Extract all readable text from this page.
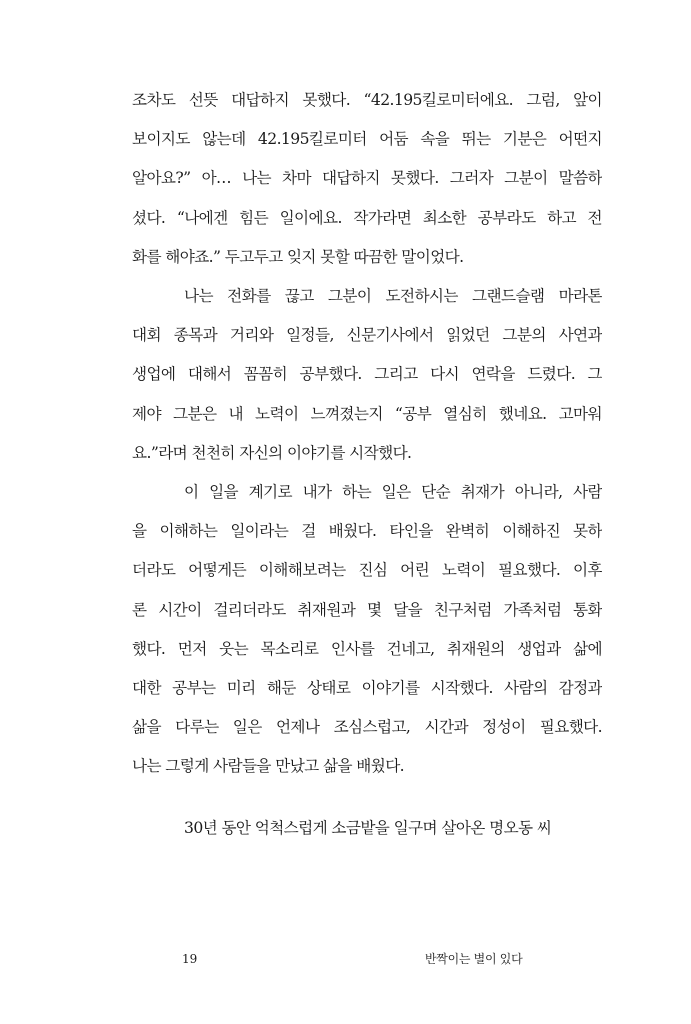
조차도 선뜻 대답하지 못했다. “42.195킬로미터에요. 그럼, 앞이
보이지도 않는데 42.195킬로미터 어둠 속을 뛰는 기분은 어떤지
알아요?” 아… 나는 차마 대답하지 못했다. 그러자 그분이 말씀하
셨다. “나에겐 힘든 일이에요. 작가라면 최소한 공부라도 하고 전
화를 해야죠.” 두고두고 잊지 못할 따끔한 말이었다.
나는 전화를 끊고 그분이 도전하시는 그랜드슬램 마라톤
대회 종목과 거리와 일정들, 신문기사에서 읽었던 그분의 사연과
생업에 대해서 꼼꼼히 공부했다. 그리고 다시 연락을 드렸다. 그
제야 그분은 내 노력이 느껴졌는지 “공부 열심히 했네요. 고마워
요.”라며 천천히 자신의 이야기를 시작했다.
이 일을 계기로 내가 하는 일은 단순 취재가 아니라, 사람
을 이해하는 일이라는 걸 배웠다. 타인을 완벽히 이해하진 못하
더라도 어떻게든 이해해보려는 진심 어린 노력이 필요했다. 이후
론 시간이 걸리더라도 취재원과 몇 달을 친구처럼 가족처럼 통화
했다. 먼저 웃는 목소리로 인사를 건네고, 취재원의 생업과 삶에
대한 공부는 미리 해둔 상태로 이야기를 시작했다. 사람의 감정과
삶을 다루는 일은 언제나 조심스럽고, 시간과 정성이 필요했다.
나는 그렇게 사람들을 만났고 삶을 배웠다.
30년 동안 억척스럽게 소금밭을 일구며 살아온 명오동 씨
19	반짝이는 별이 있다
